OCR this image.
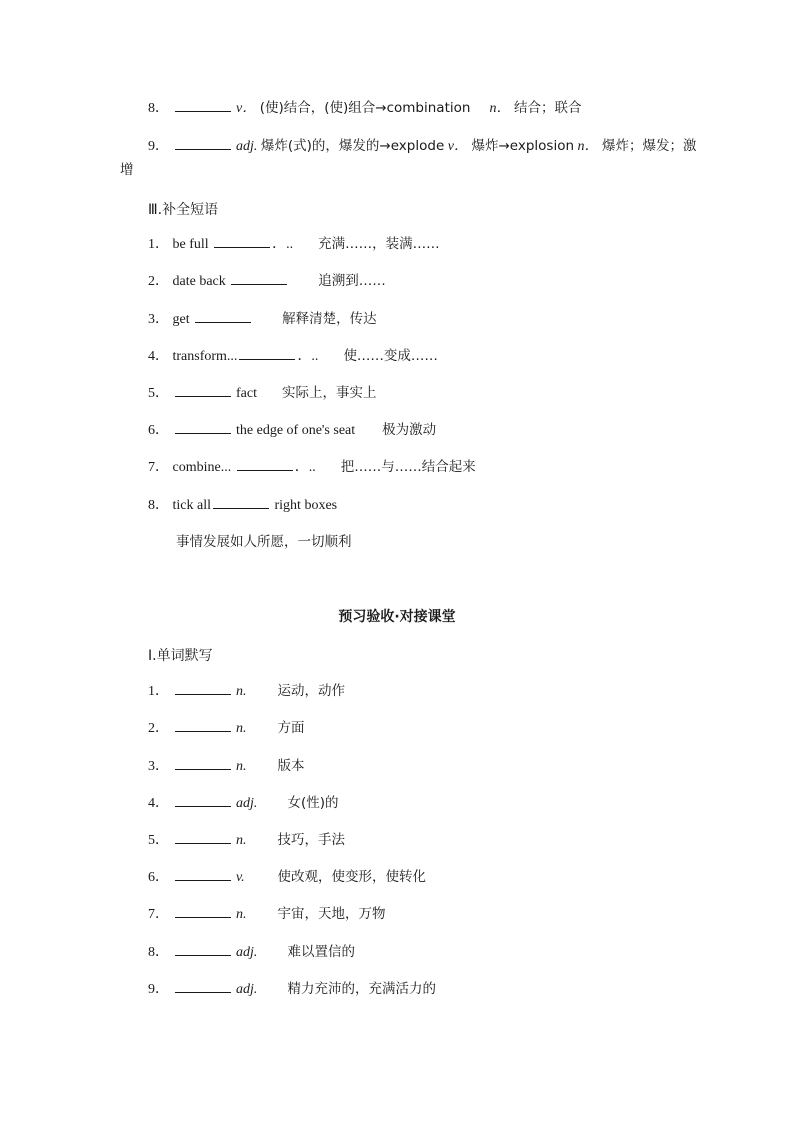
8．	v． (使)结合，(使)组合→combination n． 结合；联合
9．	adj. 爆炸(式)的，爆发的→explode v． 爆炸→explosion n． 爆炸；爆发；激
增
Ⅲ.补全短语
1． be full	．.. 充满……，装满……
2． date back	追溯到……
3． get	解释清楚，传达
4． transform...	．.. 使……变成……
5．	fact 实际上，事实上
6．	the edge of one's seat 极为激动
7． combine...	．.. 把……与……结合起来
8． tick all	right boxes
事情发展如人所愿，一切顺利
预习验收·对接课堂
Ⅰ.单词默写
1．	n. 运动，动作
2．	n. 方面
3．	n. 版本
4．	adj. 女(性)的
5．	n. 技巧，手法
6．	v. 使改观，使变形，使转化
7．	n. 宇宙，天地，万物
8．	adj. 难以置信的
9．	adj. 精力充沛的，充满活力的
